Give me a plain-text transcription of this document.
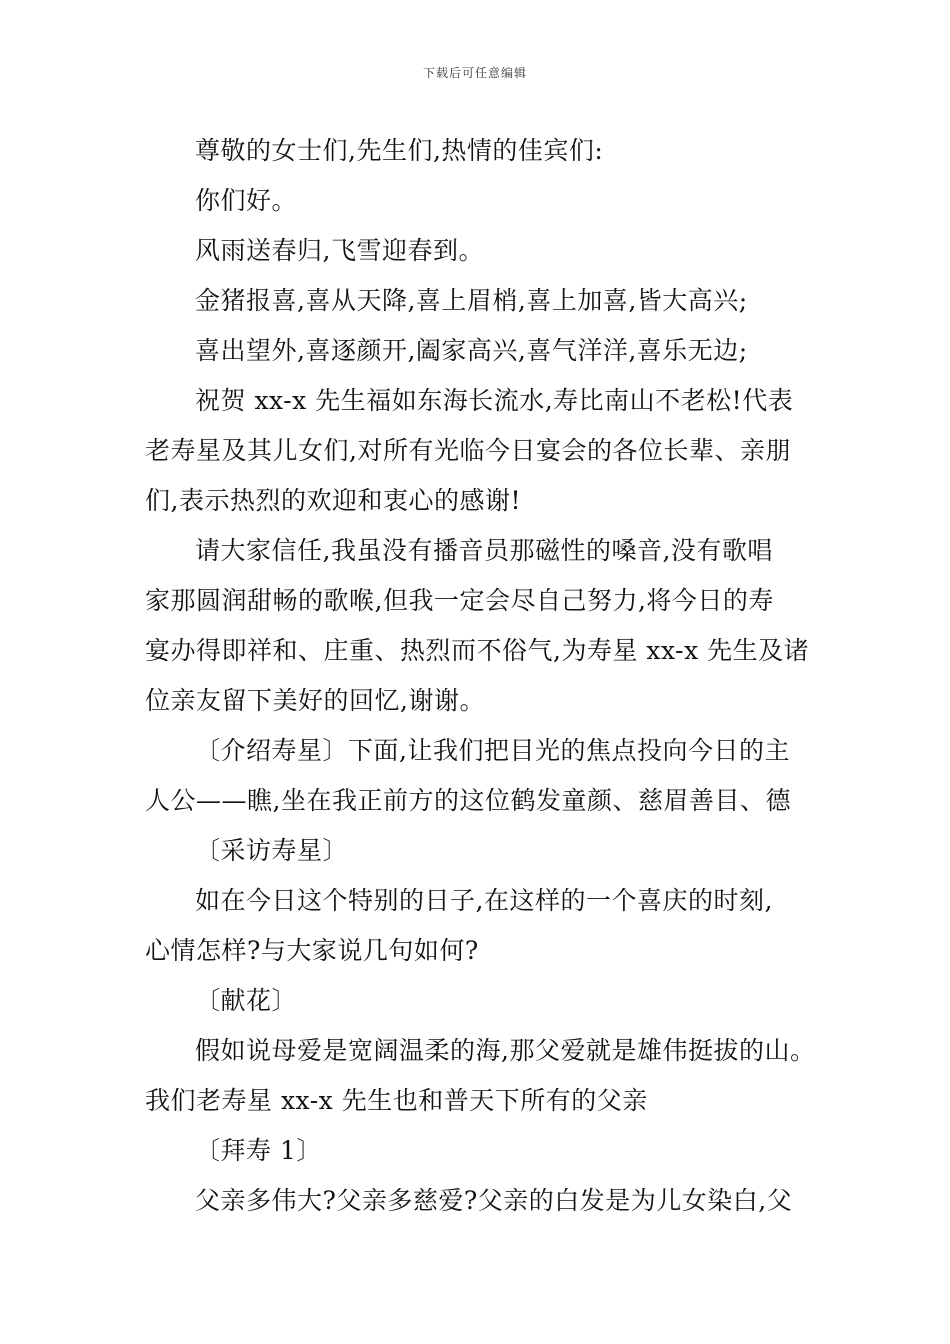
下载后可任意编辑
尊敬的女士们,先生们,热情的佳宾们:
你们好。
风雨送春归,飞雪迎春到。
金猪报喜,喜从天降,喜上眉梢,喜上加喜,皆大高兴;
喜出望外,喜逐颜开,阖家高兴,喜气洋洋,喜乐无边;
祝贺 xx-x 先生福如东海长流水,寿比南山不老松!代表
老寿星及其儿女们,对所有光临今日宴会的各位长辈、亲朋
们,表示热烈的欢迎和衷心的感谢!
请大家信任,我虽没有播音员那磁性的嗓音,没有歌唱
家那圆润甜畅的歌喉,但我一定会尽自己努力,将今日的寿
宴办得即祥和、庄重、热烈而不俗气,为寿星 xx-x 先生及诸
位亲友留下美好的回忆,谢谢。
〔介绍寿星〕下面,让我们把目光的焦点投向今日的主
人公——瞧,坐在我正前方的这位鹤发童颜、慈眉善目、德
〔采访寿星〕
如在今日这个特别的日子,在这样的一个喜庆的时刻,
心情怎样?与大家说几句如何?
〔献花〕
假如说母爱是宽阔温柔的海,那父爱就是雄伟挺拔的山。
我们老寿星 xx-x 先生也和普天下所有的父亲
〔拜寿 1〕
父亲多伟大?父亲多慈爱?父亲的白发是为儿女染白,父
